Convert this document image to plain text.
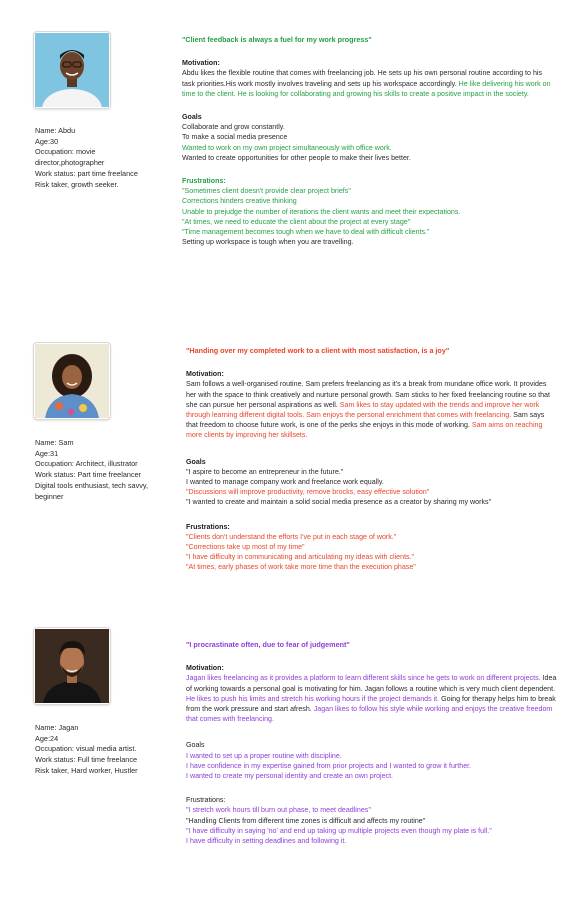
Name: Abdu
Age:30
Occupation: movie director,photographer
Work status: part time freelance
Risk taker, growth seeker.
"Client feedback is always a fuel for my work progress"
Motivation:
Abdu likes the flexible routine that comes with freelancing job. He sets up his own personal routine according to his task priorities.His work mostly involves traveling and sets up his workspace accordingly. He like delivering his work on time to the client. He is looking for collaborating and growing his skills to create a positive impact in the society.
Goals
Collaborate and grow constantly.
To make a social media presence
Wanted to work on my own project simultaneously with office work.
Wanted to create opportunities for other people to make their lives better.
Frustrations:
"Sometimes client doesn't provide clear project briefs"
Corrections hinders creative thinking
Unable to prejudge the number of iterations the client wants and meet their expectations.
"At times, we need to educate the client about the project at every stage"
"Time management becomes tough when we have to deal with difficult clients."
Setting up workspace is tough when you are travelling.
Name: Sam
Age:31
Occupation: Architect, illustrator
Work status: Part time freelancer
Digital tools enthusiast, tech savvy, beginner
"Handing over my completed work to a client with most satisfaction, is a joy"
Motivation:
Sam follows a well-organised routine. Sam prefers freelancing as it's a break from mundane office work. It provides her with the space to think creatively and nurture personal growth. Sam sticks to her fixed freelancing routine so that she can pursue her personal aspirations as well. Sam likes to stay updated with the trends and improve her work through learning different digital tools. Sam enjoys the personal enrichment that comes with freelancing. Sam says that freedom to choose future work, is one of the perks she enjoys in this mode of working. Sam aims on reaching more clients by improving her skillsets.
Goals
"I aspire to become an entrepreneur in the future."
I wanted to manage company work and freelance work equally.
"Discussions will improve productivity, remove brocks, easy effective solution"
"I wanted to create and maintain a solid social media presence as a creator by sharing my works"
Frustrations:
"Clients don't understand the efforts I've put in each stage of work."
"Corrections take up most of my time"
"I have difficulty in communicating and articulating my ideas with clients."
"At times, early phases of work take more time than the execution phase"
Name: Jagan
Age:24
Occupation: visual media artist.
Work status: Full time freelance
Risk taker, Hard worker, Hustler
"I procrastinate often, due to fear of judgement"
Motivation:
Jagan likes freelancing as it provides a platform to learn different skills since he gets to work on different projects. Idea of working towards a personal goal is motivating for him. Jagan follows a routine which is very much client dependent. He likes to push his limits and stretch his working hours if the project demands it. Going for therapy helps him to break from the work pressure and start afresh. Jagan likes to follow his style while working and enjoys the creative freedom that comes with freelancing.
Goals
I wanted to set up a proper routine with discipline.
I have confidence in my expertise gained from prior projects and I wanted to grow it further.
I wanted to create my personal identity and create an own project.
Frustrations:
"I stretch work hours till burn out phase, to meet deadlines"
"Handling Clients from different time zones is difficult and affects my routine"
"I have difficulty in saying 'no' and end up taking up multiple projects even though my plate is full."
I have difficulty in setting deadlines and following it.
